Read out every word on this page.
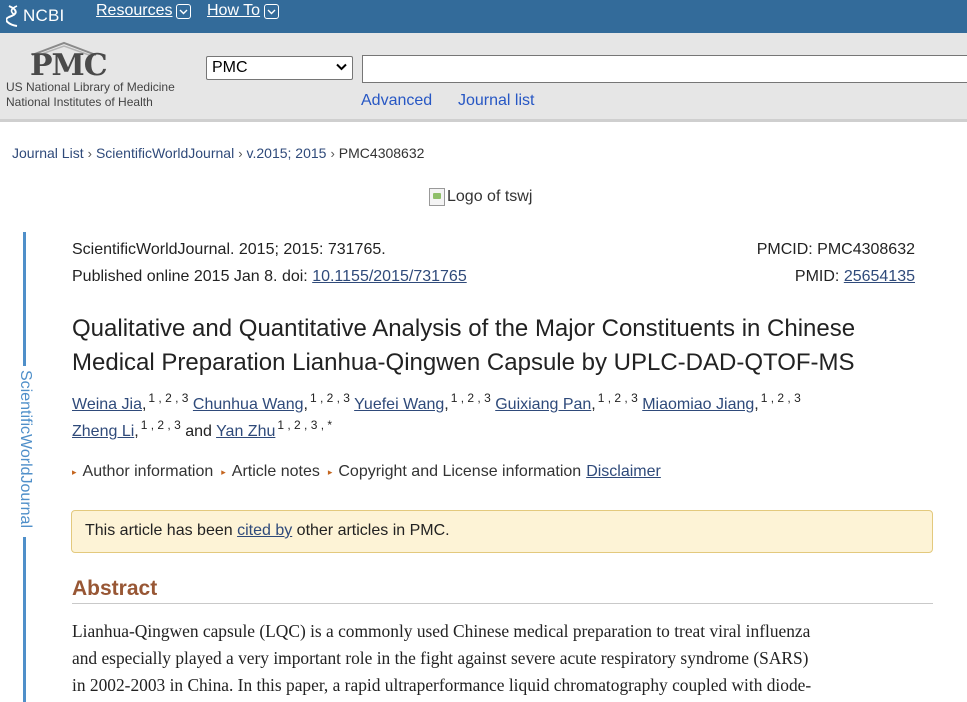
NCBI Resources How To
PMC
US National Library of Medicine
National Institutes of Health
PMC
Advanced Journal list
Journal List › ScientificWorldJournal › v.2015; 2015 › PMC4308632
Logo of tswj
ScientificWorldJournal
ScientificWorldJournal. 2015; 2015: 731765.
Published online 2015 Jan 8. doi: 10.1155/2015/731765
PMCID: PMC4308632
PMID: 25654135
Qualitative and Quantitative Analysis of the Major Constituents in Chinese Medical Preparation Lianhua-Qingwen Capsule by UPLC-DAD-QTOF-MS
Weina Jia, $^{1 , 2 , 3}$ Chunhua Wang, $^{1 , 2 , 3}$ Yuefei Wang, $^{1 , 2 , 3}$ Guixiang Pan, $^{1 , 2 , 3}$ Miaomiao Jiang, $^{1 , 2 , 3}$
Zheng Li, $^{1 , 2 , 3}$ and Yan Zhu $^{1 , 2 , 3 , *}$
▸ Author information ▸ Article notes ▸ Copyright and License information Disclaimer
This article has been cited by other articles in PMC.
Abstract
Lianhua-Qingwen capsule (LQC) is a commonly used Chinese medical preparation to treat viral influenza
and especially played a very important role in the fight against severe acute respiratory syndrome (SARS)
in 2002-2003 in China. In this paper, a rapid ultraperformance liquid chromatography coupled with diode-
